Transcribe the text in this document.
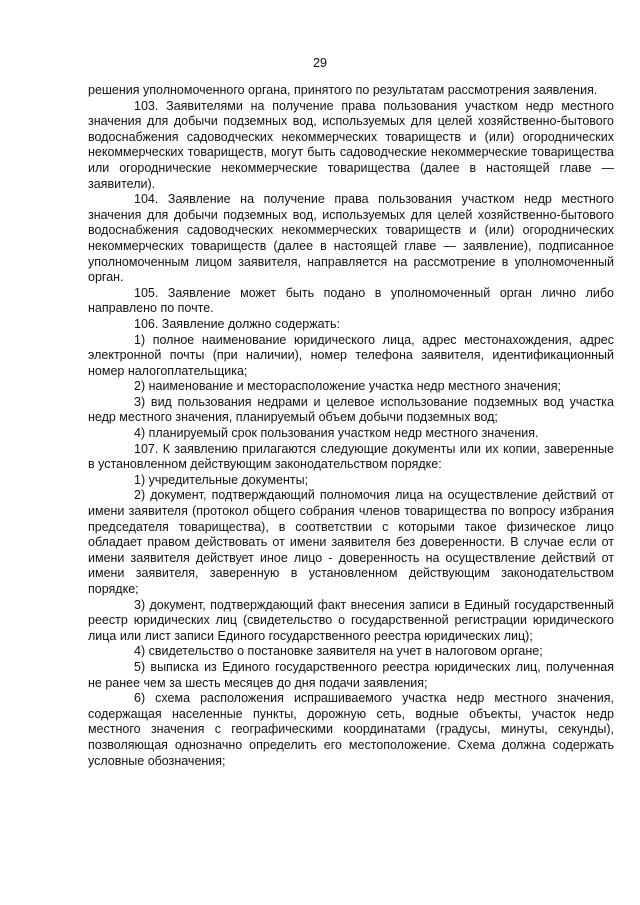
29

решения уполномоченного органа, принятого по результатам рассмотрения заявления.

103. Заявителями на получение права пользования участком недр местного значения для добычи подземных вод, используемых для целей хозяйственно-бытового водоснабжения садоводческих некоммерческих товариществ и (или) огороднических некоммерческих товариществ, могут быть садоводческие некоммерческие товарищества или огороднические некоммерческие товарищества (далее в настоящей главе — заявители).

104. Заявление на получение права пользования участком недр местного значения для добычи подземных вод, используемых для целей хозяйственно-бытового водоснабжения садоводческих некоммерческих товариществ и (или) огороднических некоммерческих товариществ (далее в настоящей главе — заявление), подписанное уполномоченным лицом заявителя, направляется на рассмотрение в уполномоченный орган.

105. Заявление может быть подано в уполномоченный орган лично либо направлено по почте.

106. Заявление должно содержать:

1) полное наименование юридического лица, адрес местонахождения, адрес электронной почты (при наличии), номер телефона заявителя, идентификационный номер налогоплательщика;

2) наименование и месторасположение участка недр местного значения;

3) вид пользования недрами и целевое использование подземных вод участка недр местного значения, планируемый объем добычи подземных вод;

4) планируемый срок пользования участком недр местного значения.

107. К заявлению прилагаются следующие документы или их копии, заверенные в установленном действующим законодательством порядке:

1) учредительные документы;

2) документ, подтверждающий полномочия лица на осуществление действий от имени заявителя (протокол общего собрания членов товарищества по вопросу избрания председателя товарищества), в соответствии с которыми такое физическое лицо обладает правом действовать от имени заявителя без доверенности. В случае если от имени заявителя действует иное лицо - доверенность на осуществление действий от имени заявителя, заверенную в установленном действующим законодательством порядке;

3) документ, подтверждающий факт внесения записи в Единый государственный реестр юридических лиц (свидетельство о государственной регистрации юридического лица или лист записи Единого государственного реестра юридических лиц);

4) свидетельство о постановке заявителя на учет в налоговом органе;

5) выписка из Единого государственного реестра юридических лиц, полученная не ранее чем за шесть месяцев до дня подачи заявления;

6) схема расположения испрашиваемого участка недр местного значения, содержащая населенные пункты, дорожную сеть, водные объекты, участок недр местного значения с географическими координатами (градусы, минуты, секунды), позволяющая однозначно определить его местоположение. Схема должна содержать условные обозначения;
